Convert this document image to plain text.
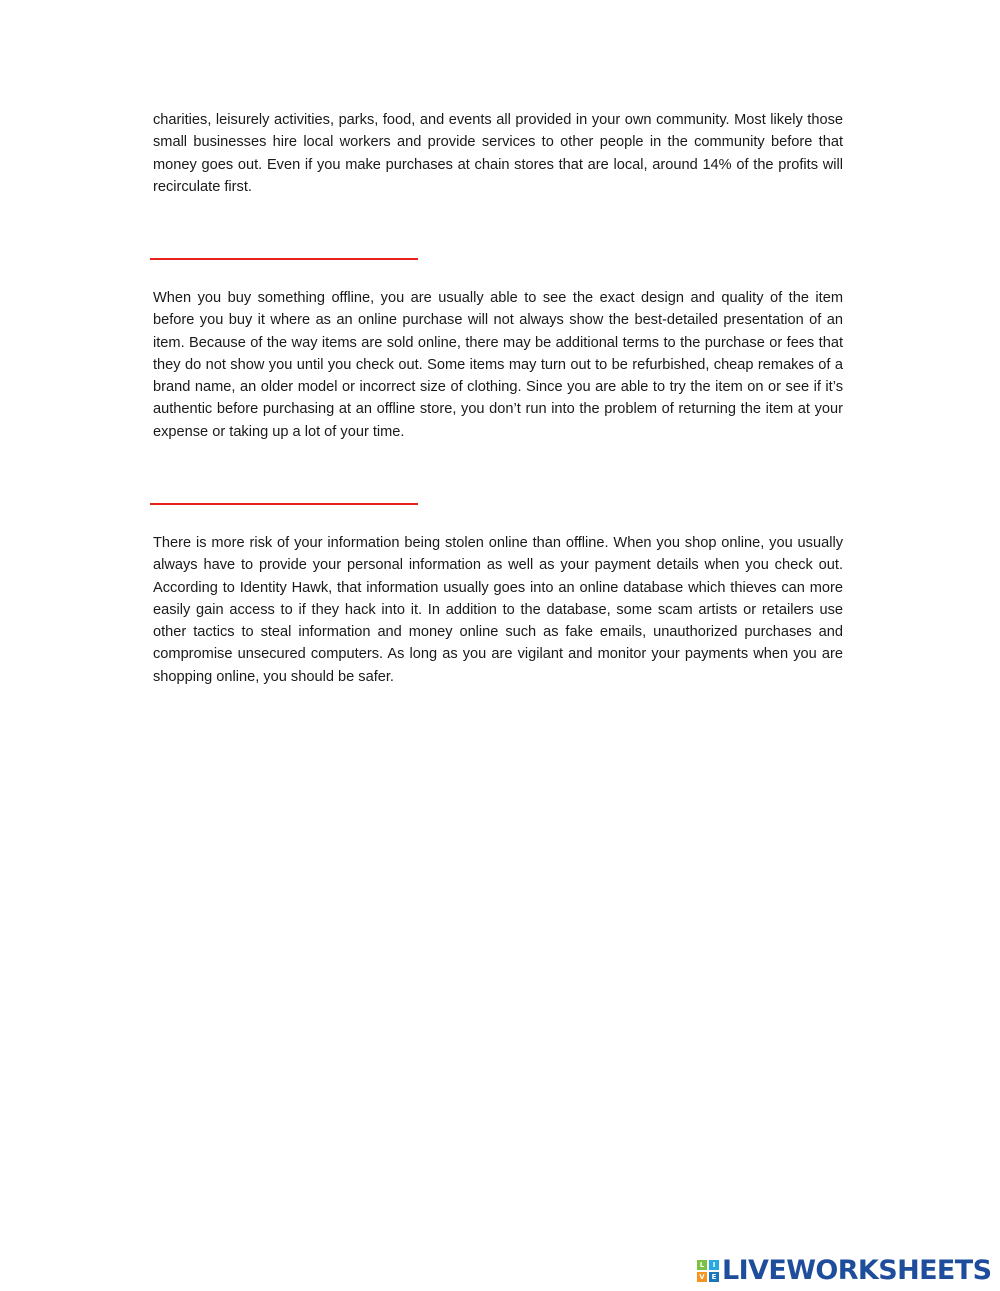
charities, leisurely activities, parks, food, and events all provided in your own community. Most likely those small businesses hire local workers and provide services to other people in the community before that money goes out. Even if you make purchases at chain stores that are local, around 14% of the profits will recirculate first.

When you buy something offline, you are usually able to see the exact design and quality of the item before you buy it where as an online purchase will not always show the best-detailed presentation of an item. Because of the way items are sold online, there may be additional terms to the purchase or fees that they do not show you until you check out. Some items may turn out to be refurbished, cheap remakes of a brand name, an older model or incorrect size of clothing. Since you are able to try the item on or see if it’s authentic before purchasing at an offline store, you don’t run into the problem of returning the item at your expense or taking up a lot of your time.

There is more risk of your information being stolen online than offline. When you shop online, you usually always have to provide your personal information as well as your payment details when you check out. According to Identity Hawk, that information usually goes into an online database which thieves can more easily gain access to if they hack into it. In addition to the database, some scam artists or retailers use other tactics to steal information and money online such as fake emails, unauthorized purchases and compromise unsecured computers. As long as you are vigilant and monitor your payments when you are shopping online, you should be safer.

L	I
V E LIVEWORKSHEETS
